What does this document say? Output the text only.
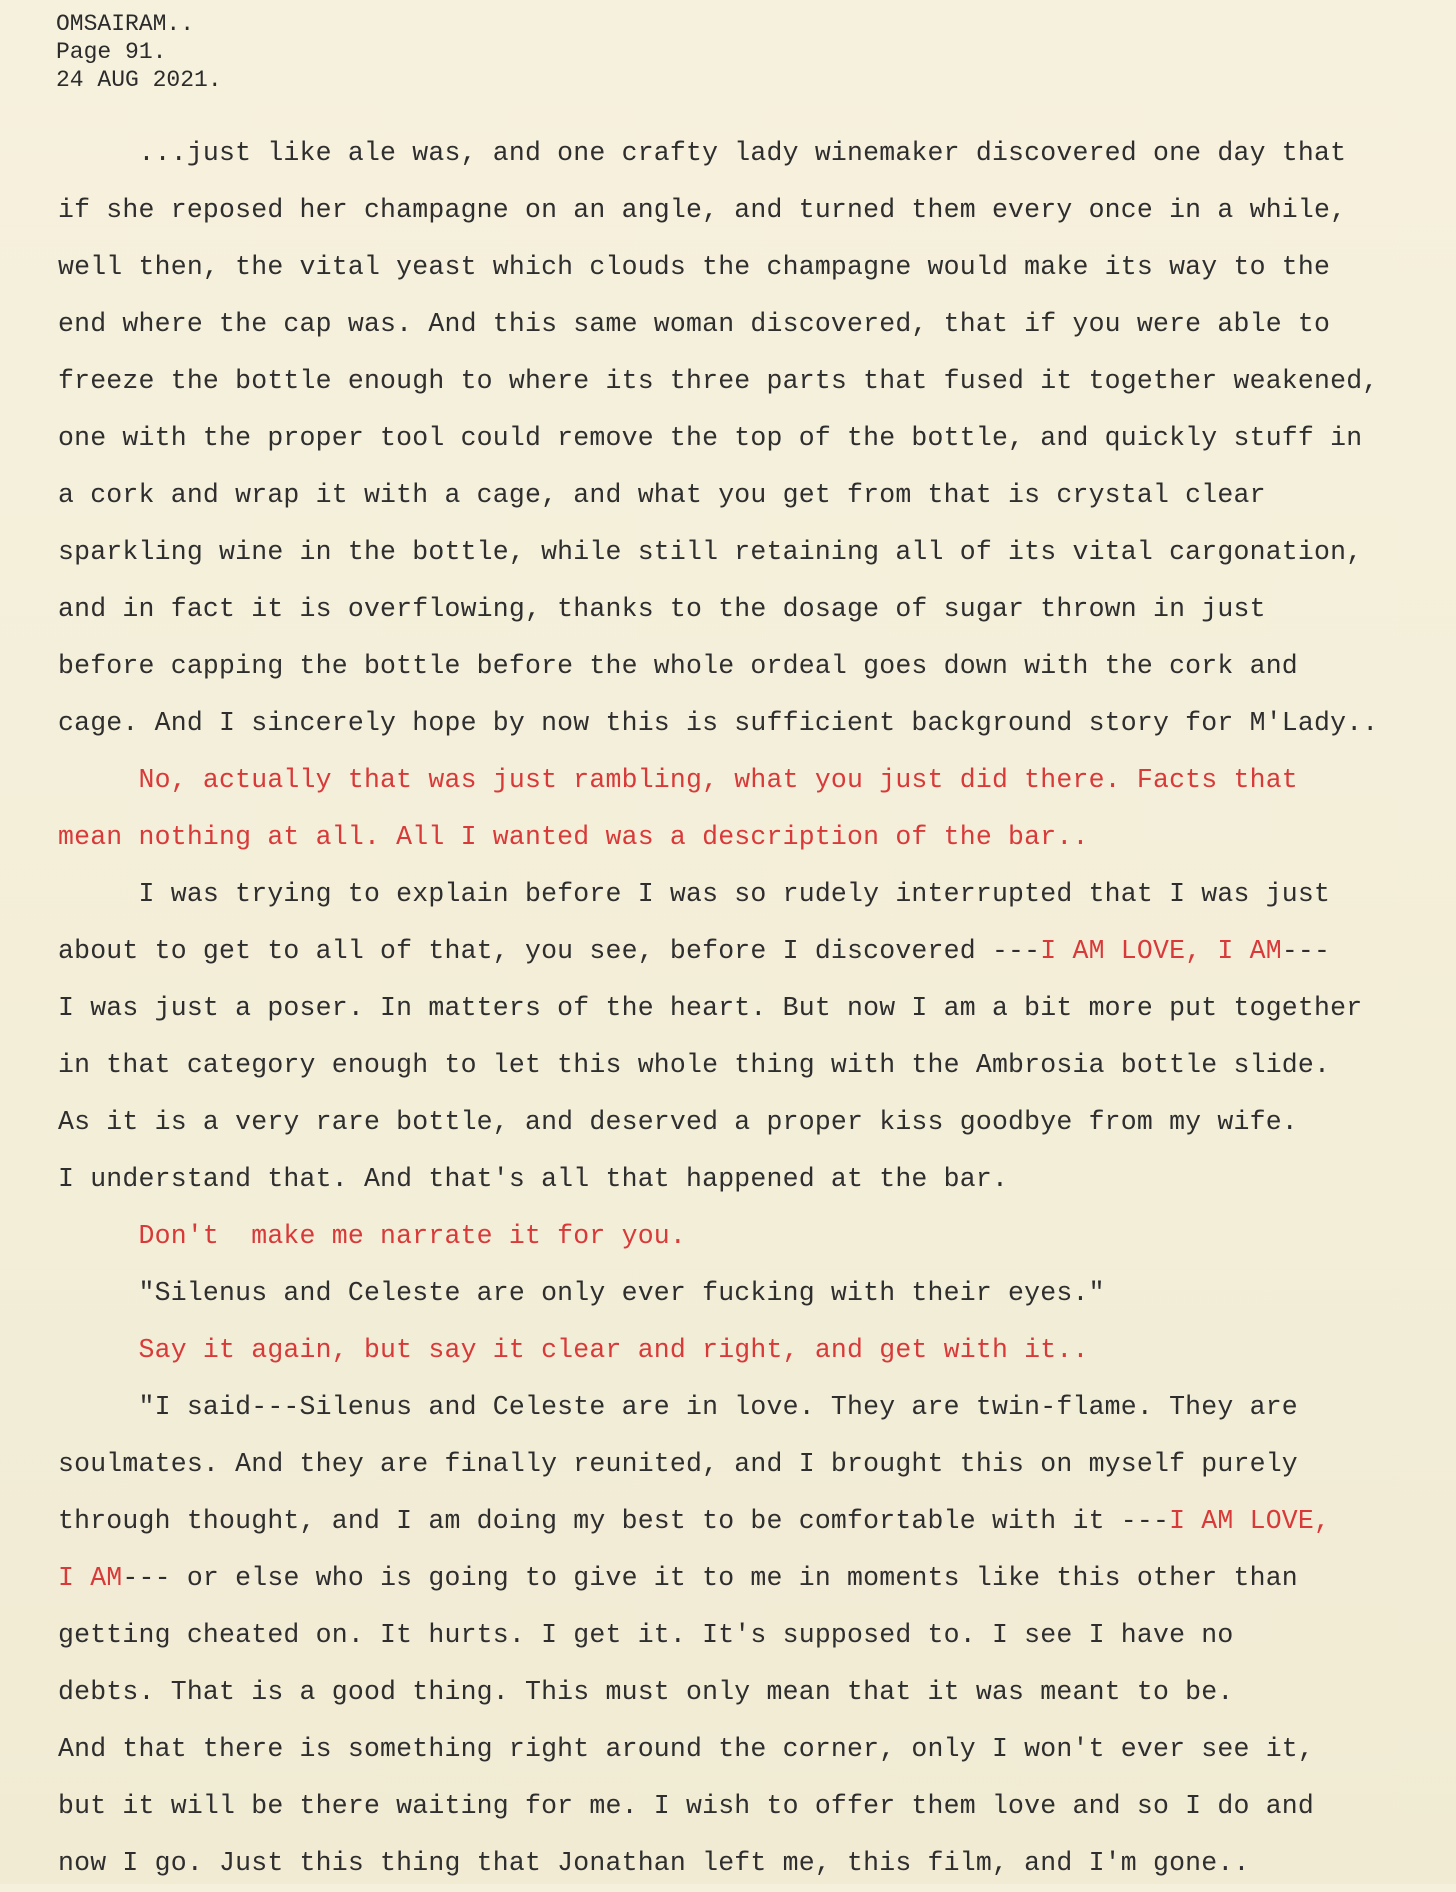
OMSAIRAM..
Page 91.
24 AUG 2021.
...just like ale was, and one crafty lady winemaker discovered one day that
if she reposed her champagne on an angle, and turned them every once in a while,
well then, the vital yeast which clouds the champagne would make its way to the
end where the cap was. And this same woman discovered, that if you were able to
freeze the bottle enough to where its three parts that fused it together weakened,
one with the proper tool could remove the top of the bottle, and quickly stuff in
a cork and wrap it with a cage, and what you get from that is crystal clear
sparkling wine in the bottle, while still retaining all of its vital cargonation,
and in fact it is overflowing, thanks to the dosage of sugar thrown in just
before capping the bottle before the whole ordeal goes down with the cork and
cage. And I sincerely hope by now this is sufficient background story for M'Lady..
No, actually that was just rambling, what you just did there. Facts that
mean nothing at all. All I wanted was a description of the bar..
I was trying to explain before I was so rudely interrupted that I was just
about to get to all of that, you see, before I discovered ---I AM LOVE, I AM---
I was just a poser. In matters of the heart. But now I am a bit more put together
in that category enough to let this whole thing with the Ambrosia bottle slide.
As it is a very rare bottle, and deserved a proper kiss goodbye from my wife.
I understand that. And that's all that happened at the bar.
Don't  make me narrate it for you.
"Silenus and Celeste are only ever fucking with their eyes."
Say it again, but say it clear and right, and get with it..
"I said---Silenus and Celeste are in love. They are twin-flame. They are
soulmates. And they are finally reunited, and I brought this on myself purely
through thought, and I am doing my best to be comfortable with it ---I AM LOVE,
I AM--- or else who is going to give it to me in moments like this other than
getting cheated on. It hurts. I get it. It's supposed to. I see I have no
debts. That is a good thing. This must only mean that it was meant to be.
And that there is something right around the corner, only I won't ever see it,
but it will be there waiting for me. I wish to offer them love and so I do and
now I go. Just this thing that Jonathan left me, this film, and I'm gone..
